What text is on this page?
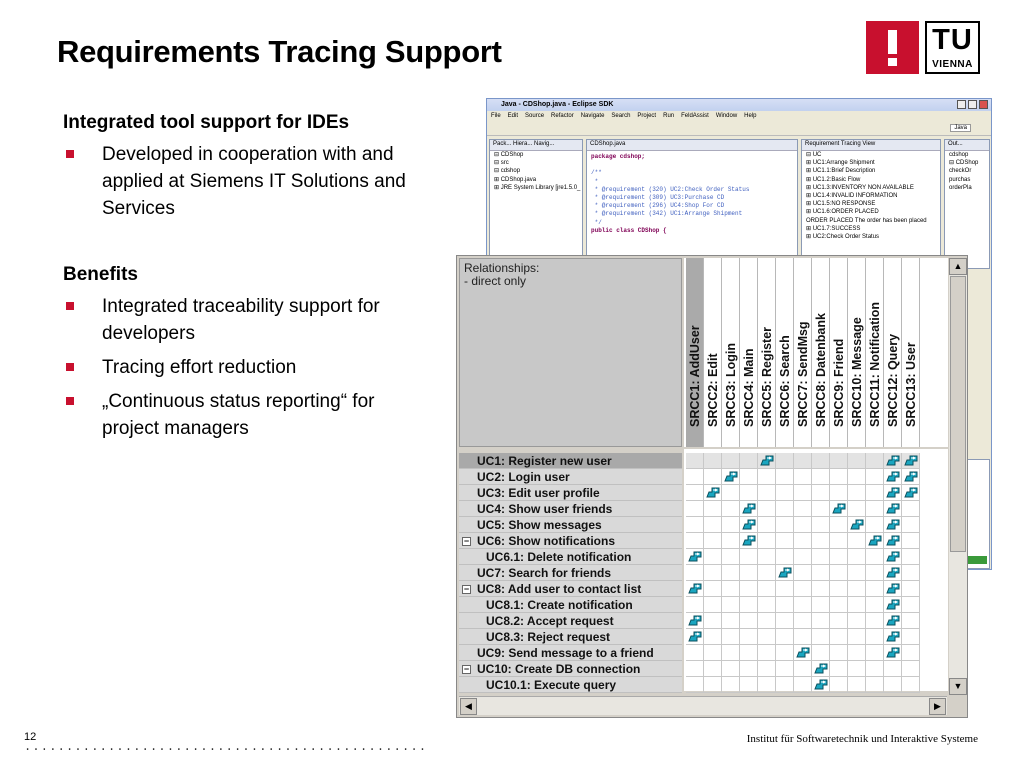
Requirements Tracing Support	TU
VIENNA
Integrated tool support for IDEs
Developed in cooperation with and
applied at Siemens IT Solutions and
Services
Benefits
Integrated traceability support for
developers
Tracing effort reduction
„Continuous status reporting“ for
project managers
Java - CDShop.java - Eclipse SDK
File Edit Source Refactor Navigate Search Project Run FeldAssist Window Help
Java
Pack... Hiera... Navig...
⊟ CDShop
⊟ src
⊟ cdshop
⊞ CDShop.java
⊞ JRE System Library [jre1.5.0_
CDShop.java
package cdshop;
/**
*
* @requirement (320) UC2:Check Order Status
* @requirement (309) UC3:Purchase CD
* @requirement (296) UC4:Shop For CD
* @requirement (342) UC1:Arrange Shipment
*/
public class CDShop {
Requirement Tracing View
⊟ UC
⊞ UC1:Arrange Shipment
⊞ UC1.1:Brief Description
⊞ UC1.2:Basic Flow
⊞ UC1.3:INVENTORY NON AVAILABLE
⊞ UC1.4:INVALID INFORMATION
⊞ UC1.5:NO RESPONSE
⊞ UC1.6:ORDER PLACED
ORDER PLACED The order has been placed
⊞ UC1.7:SUCCESS
⊞ UC2:Check Order Status
Out...
cdshop
⊟ CDShop
checkOr
purchas
orderPla
Relationships:
- direct only
SRCC1: AddUser SRCC2: Edit SRCC3: Login SRCC4: Main SRCC5: Register SRCC6: Search SRCC7: SendMsg SRCC8: Datenbank SRCC9: Friend SRCC10: Message SRCC11: Notification SRCC12: Query SRCC13: User
UC1: Register new user
UC2: Login user
UC3: Edit user profile
UC4: Show user friends
UC5: Show messages
− UC6: Show notifications
UC6.1: Delete notification
UC7: Search for friends
− UC8: Add user to contact list
UC8.1: Create notification
UC8.2: Accept request
UC8.3: Reject request
UC9: Send message to a friend
− UC10: Create DB connection
UC10.1: Execute query
▲
▼
◀	▶
12
................................................
Institut für Softwaretechnik und Interaktive Systeme
